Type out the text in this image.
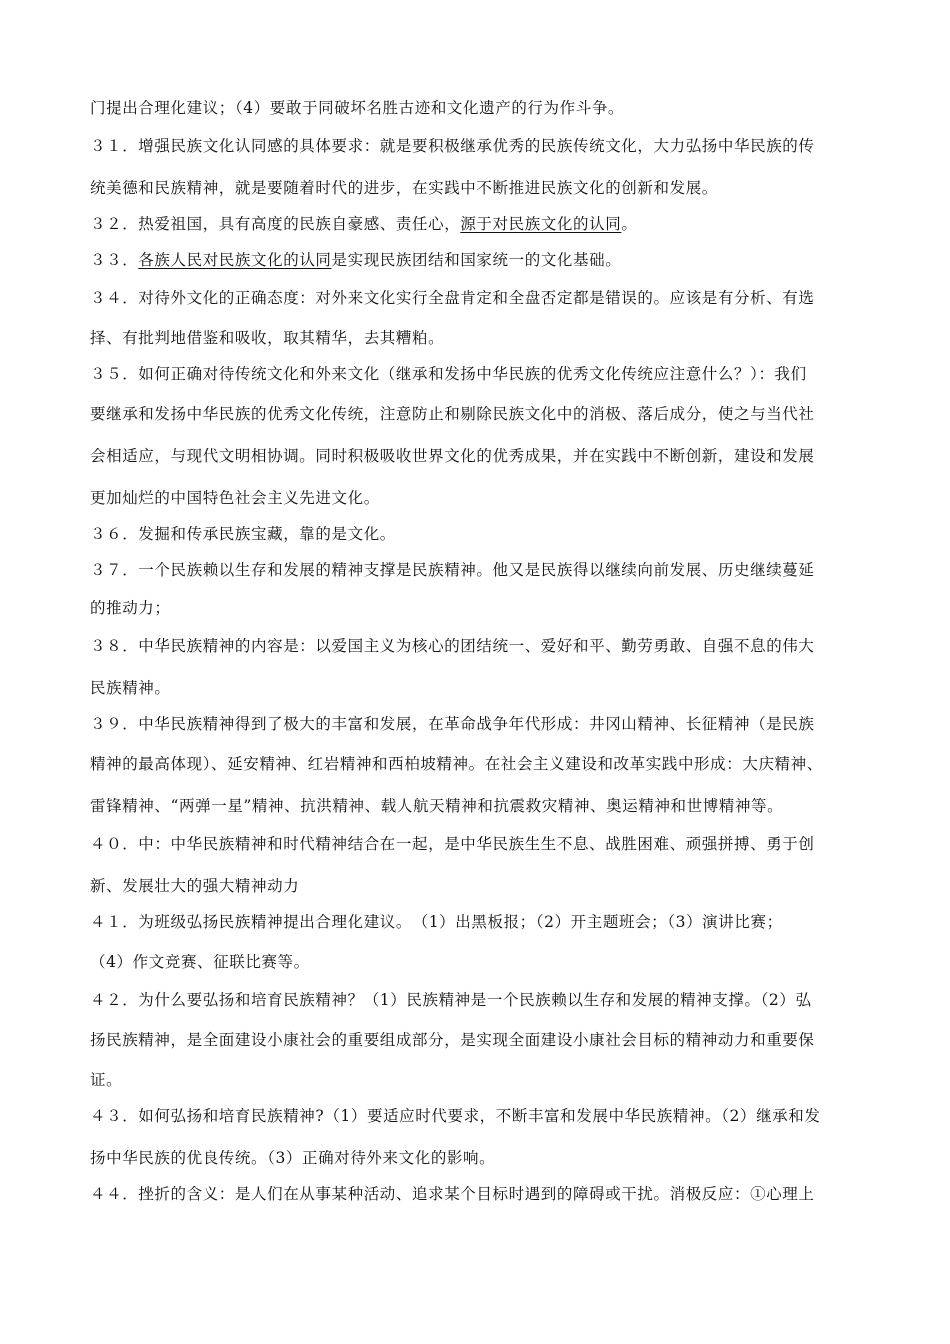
门提出合理化建议；（4）要敢于同破坏名胜古迹和文化遗产的行为作斗争。

３１．增强民族文化认同感的具体要求：就是要积极继承优秀的民族传统文化，大力弘扬中华民族的传

统美德和民族精神，就是要随着时代的进步，在实践中不断推进民族文化的创新和发展。

３２．热爱祖国，具有高度的民族自豪感、责任心，源于对民族文化的认同。

３３．各族人民对民族文化的认同是实现民族团结和国家统一的文化基础。

３４．对待外文化的正确态度：对外来文化实行全盘肯定和全盘否定都是错误的。应该是有分析、有选

择、有批判地借鉴和吸收，取其精华，去其糟粕。

３５．如何正确对待传统文化和外来文化（继承和发扬中华民族的优秀文化传统应注意什么？）：我们

要继承和发扬中华民族的优秀文化传统，注意防止和剔除民族文化中的消极、落后成分，使之与当代社

会相适应，与现代文明相协调。同时积极吸收世界文化的优秀成果，并在实践中不断创新，建设和发展

更加灿烂的中国特色社会主义先进文化。

３６．发掘和传承民族宝藏，靠的是文化。

３７．一个民族赖以生存和发展的精神支撑是民族精神。他又是民族得以继续向前发展、历史继续蔓延

的推动力；

３８．中华民族精神的内容是：以爱国主义为核心的团结统一、爱好和平、勤劳勇敢、自强不息的伟大

民族精神。

３９．中华民族精神得到了极大的丰富和发展，在革命战争年代形成：井冈山精神、长征精神（是民族

精神的最高体现）、延安精神、红岩精神和西柏坡精神。在社会主义建设和改革实践中形成：大庆精神、

雷锋精神、“两弹一星”精神、抗洪精神、载人航天精神和抗震救灾精神、奥运精神和世博精神等。

４０．中：中华民族精神和时代精神结合在一起，是中华民族生生不息、战胜困难、顽强拼搏、勇于创

新、发展壮大的强大精神动力

４１．为班级弘扬民族精神提出合理化建议。　（1）出黑板报；（2）开主题班会；（3）演讲比赛；

（4）作文竞赛、征联比赛等。

４２．为什么要弘扬和培育民族精神？（1）民族精神是一个民族赖以生存和发展的精神支撑。（2）弘

扬民族精神，是全面建设小康社会的重要组成部分，是实现全面建设小康社会目标的精神动力和重要保

证。

４３．如何弘扬和培育民族精神?（1）要适应时代要求，不断丰富和发展中华民族精神。（2）继承和发

扬中华民族的优良传统。（3）正确对待外来文化的影响。

４４．挫折的含义：是人们在从事某种活动、追求某个目标时遇到的障碍或干扰。消极反应：①心理上
